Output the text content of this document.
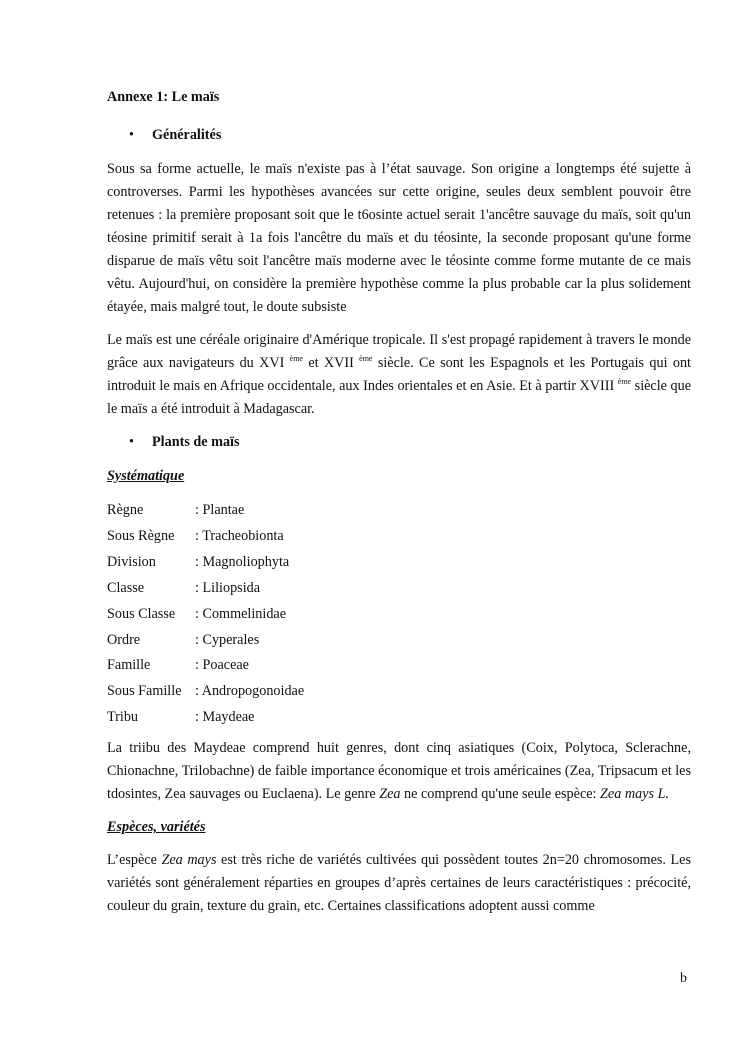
Annexe 1: Le maïs

• Généralités

Sous sa forme actuelle, le maïs n'existe pas à l’état sauvage. Son origine a longtemps été sujette à controverses. Parmi les hypothèses avancées sur cette origine, seules deux semblent pouvoir être retenues : la première proposant soit que le t6osinte actuel serait 1'ancêtre sauvage du maïs, soit qu'un téosine primitif serait à 1a fois l'ancêtre du maïs et du téosinte, la seconde proposant qu'une forme disparue de maïs vêtu soit l'ancêtre maïs moderne avec le téosinte comme forme mutante de ce mais vêtu. Aujourd'hui, on considère la première hypothèse comme la plus probable car la plus solidement étayée, mais malgré tout, le doute subsiste

Le maïs est une céréale originaire d'Amérique tropicale. Il s'est propagé rapidement à travers le monde grâce aux navigateurs du XVI $^{ème}$ et XVII $^{ème}$ siècle. Ce sont les Espagnols et les Portugais qui ont introduit le mais en Afrique occidentale, aux Indes orientales et en Asie. Et à partir XVIII $^{ème}$ siècle que le maïs a été introduit à Madagascar.

• Plants de maïs

Systématique

Règne	: Plantae
Sous Règne	: Tracheobionta
Division	: Magnoliophyta
Classe	: Liliopsida
Sous Classe	: Commelinidae
Ordre	: Cyperales
Famille	: Poaceae
Sous Famille : Andropogonoidae
Tribu	: Maydeae

La triibu des Maydeae comprend huit genres, dont cinq asiatiques (Coix, Polytoca, Sclerachne, Chionachne, Trilobachne) de faible importance économique et trois américaines (Zea, Tripsacum et les tdosintes, Zea sauvages ou Euclaena). Le genre Zea ne comprend qu'une seule espèce: Zea mays L.

Espèces, variétés

L’espèce Zea mays est très riche de variétés cultivées qui possèdent toutes 2n=20 chromosomes. Les variétés sont généralement réparties en groupes d’après certaines de leurs caractéristiques : précocité, couleur du grain, texture du grain, etc. Certaines classifications adoptent aussi comme

b
